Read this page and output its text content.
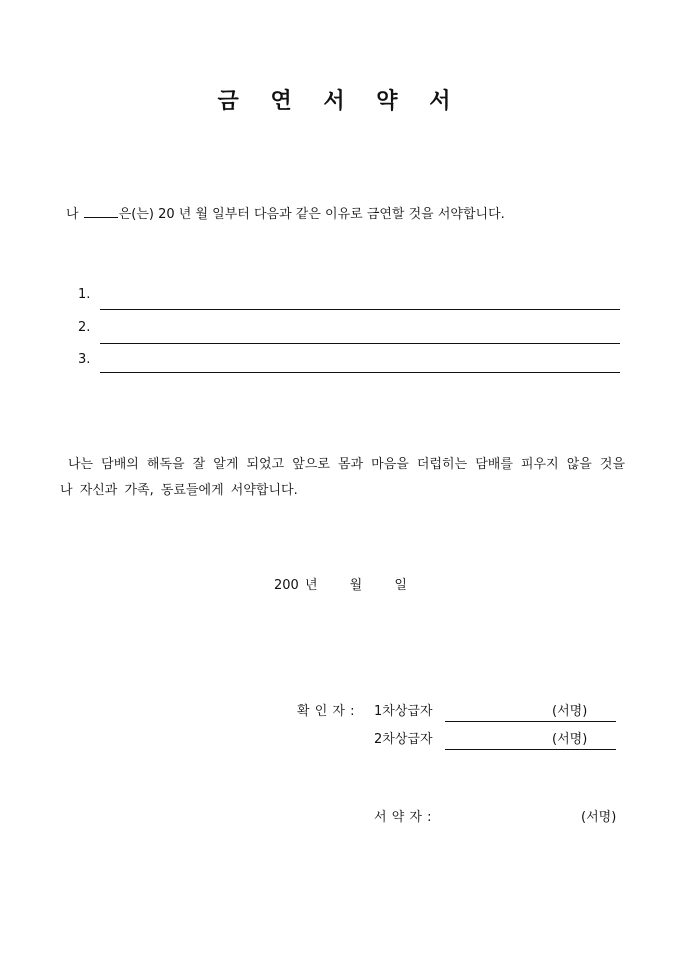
금 연 서 약 서
나	은(는) 20 년 월 일부터 다음과 같은 이유로 금연할 것을 서약합니다.
1.
2.
3.
나는 담배의 해독을 잘 알게 되었고 앞으로 몸과 마음을 더럽히는 담배를 피우지 않을 것을 나 자신과 가족, 동료들에게 서약합니다.
200 년 월 일
확 인 자 : 1차상급자	(서명)
2차상급자	(서명)
서 약 자 :	(서명)
